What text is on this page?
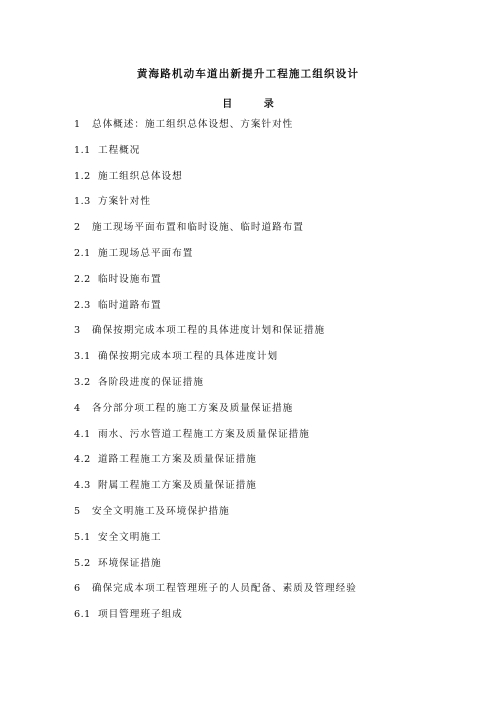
黄海路机动车道出新提升工程施工组织设计
目 录
1	总体概述：施工组织总体设想、方案针对性
1.1 工程概况
1.2 施工组织总体设想
1.3 方案针对性
2	施工现场平面布置和临时设施、临时道路布置
2.1 施工现场总平面布置
2.2 临时设施布置
2.3 临时道路布置
3	确保按期完成本项工程的具体进度计划和保证措施
3.1 确保按期完成本项工程的具体进度计划
3.2 各阶段进度的保证措施
4	各分部分项工程的施工方案及质量保证措施
4.1 雨水、污水管道工程施工方案及质量保证措施
4.2 道路工程施工方案及质量保证措施
4.3 附属工程施工方案及质量保证措施
5	安全文明施工及环境保护措施
5.1 安全文明施工
5.2 环境保证措施
6	确保完成本项工程管理班子的人员配备、素质及管理经验
6.1 项目管理班子组成
